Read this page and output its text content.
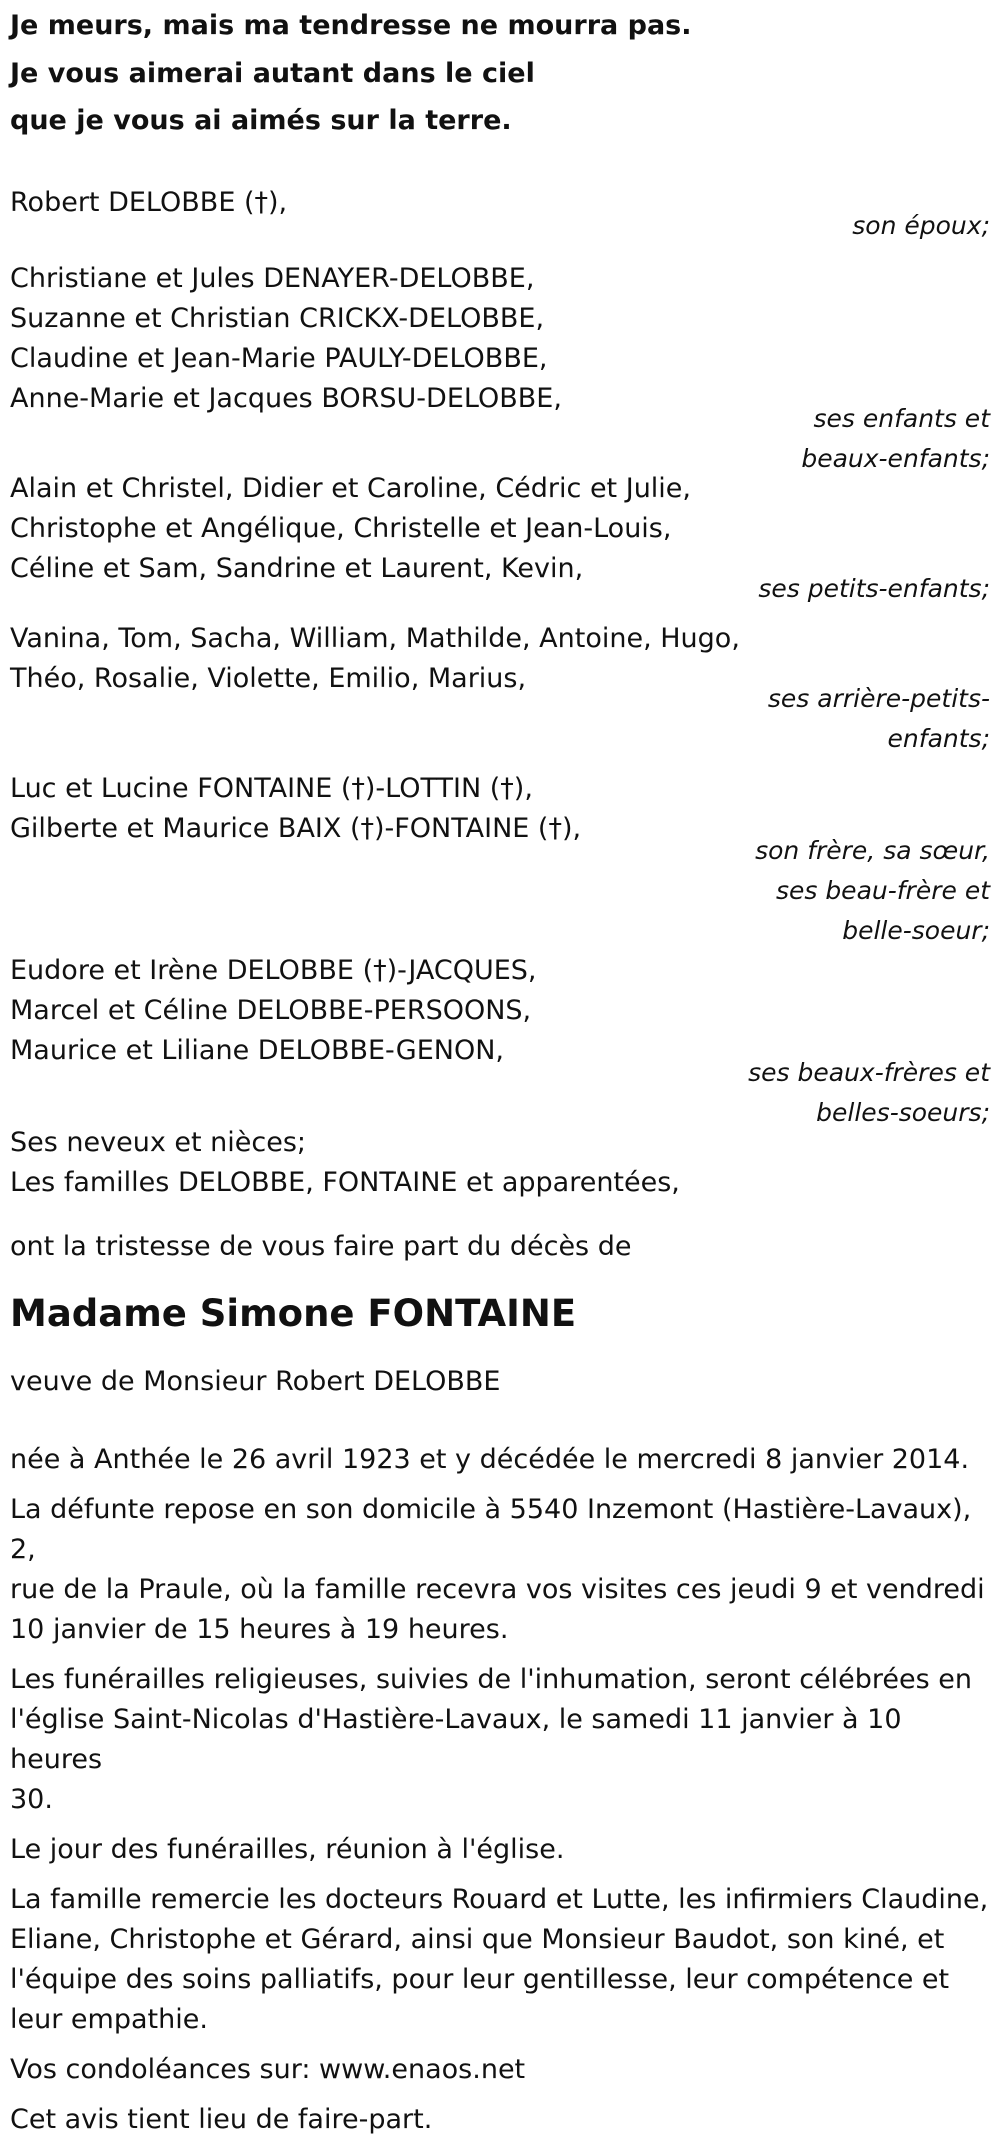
Je meurs, mais ma tendresse ne mourra pas.
Je vous aimerai autant dans le ciel
que je vous ai aimés sur la terre.
Robert DELOBBE (†),
son époux;
Christiane et Jules DENAYER-DELOBBE,
Suzanne et Christian CRICKX-DELOBBE,
Claudine et Jean-Marie PAULY-DELOBBE,
Anne-Marie et Jacques BORSU-DELOBBE,
ses enfants et
beaux-enfants;
Alain et Christel, Didier et Caroline, Cédric et Julie,
Christophe et Angélique, Christelle et Jean-Louis,
Céline et Sam, Sandrine et Laurent, Kevin,
ses petits-enfants;
Vanina, Tom, Sacha, William, Mathilde, Antoine, Hugo,
Théo, Rosalie, Violette, Emilio, Marius,
ses arrière-petits-
enfants;
Luc et Lucine FONTAINE (†)-LOTTIN (†),
Gilberte et Maurice BAIX (†)-FONTAINE (†),
son frère, sa sœur,
ses beau-frère et
belle-soeur;
Eudore et Irène DELOBBE (†)-JACQUES,
Marcel et Céline DELOBBE-PERSOONS,
Maurice et Liliane DELOBBE-GENON,
ses beaux-frères et
belles-soeurs;
Ses neveux et nièces;
Les familles DELOBBE, FONTAINE et apparentées,
ont la tristesse de vous faire part du décès de
Madame Simone FONTAINE
veuve de Monsieur Robert DELOBBE
née à Anthée le 26 avril 1923 et y décédée le mercredi 8 janvier 2014.
La défunte repose en son domicile à 5540 Inzemont (Hastière-Lavaux), 2,
rue de la Praule, où la famille recevra vos visites ces jeudi 9 et vendredi
10 janvier de 15 heures à 19 heures.
Les funérailles religieuses, suivies de l'inhumation, seront célébrées en
l'église Saint-Nicolas d'Hastière-Lavaux, le samedi 11 janvier à 10 heures
30.
Le jour des funérailles, réunion à l'église.
La famille remercie les docteurs Rouard et Lutte, les infirmiers Claudine,
Eliane, Christophe et Gérard, ainsi que Monsieur Baudot, son kiné, et
l'équipe des soins palliatifs, pour leur gentillesse, leur compétence et
leur empathie.
Vos condoléances sur: www.enaos.net
Cet avis tient lieu de faire-part.
